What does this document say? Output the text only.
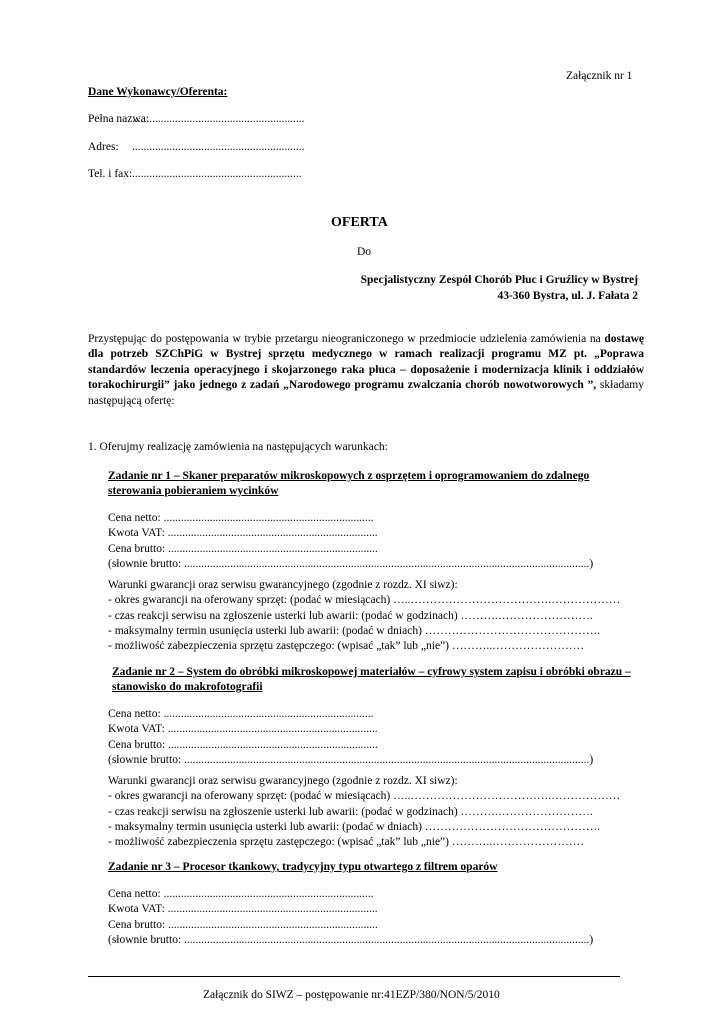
Załącznik nr 1
Dane Wykonawcy/Oferenta:
Pełna nazwa:
............................................................
Adres: ............................................................
Tel. i fax: ...........................................................
OFERTA
Do
Specjalistyczny Zespół Chorób Płuc i Gruźlicy w Bystrej
43-360 Bystra, ul. J. Fałata 2
Przystępując do postępowania w trybie przetargu nieograniczonego w przedmiocie udzielenia zamówienia na dostawę dla potrzeb SZChPiG w Bystrej sprzętu medycznego w ramach realizacji programu MZ pt. „Poprawa standardów leczenia operacyjnego i skojarzonego raka płuca – doposażenie i modernizacja klinik i oddziałów torakochirurgii” jako jednego z zadań „Narodowego programu zwalczania chorób nowotworowych ”, składamy następującą ofertę:
1. Oferujmy realizację zamówienia na następujących warunkach:
Zadanie nr 1 – Skaner preparatów mikroskopowych z osprzętem i oprogramowaniem do zdalnego sterowania pobieraniem wycinków
Cena netto: .........................................................................
Kwota VAT: .........................................................................
Cena brutto: .........................................................................
(słownie brutto: .............................................................................................................................................)
Warunki gwarancji oraz serwisu gwarancyjnego (zgodnie z rozdz. XI siwz):
- okres gwarancji na oferowany sprzęt: (podać w miesiącach) …..……………………………….………………
- czas reakcji serwisu na zgłoszenie usterki lub awarii: (podać w godzinach) ……….…………………….
- maksymalny termin usunięcia usterki lub awarii: (podać w dniach) ……………………………………….
- możliwość zabezpieczenia sprzętu zastępczego: (wpisać „tak” lub „nie”) ………..……………………
Zadanie nr 2 – System do obróbki mikroskopowej materiałów – cyfrowy system zapisu i obróbki obrazu – stanowisko do makrofotografii
Cena netto: .........................................................................
Kwota VAT: .........................................................................
Cena brutto: .........................................................................
(słownie brutto: .............................................................................................................................................)
Warunki gwarancji oraz serwisu gwarancyjnego (zgodnie z rozdz. XI siwz):
- okres gwarancji na oferowany sprzęt: (podać w miesiącach) …..……………………………….………………
- czas reakcji serwisu na zgłoszenie usterki lub awarii: (podać w godzinach) ……….…………………….
- maksymalny termin usunięcia usterki lub awarii: (podać w dniach) ……………………………………….
- możliwość zabezpieczenia sprzętu zastępczego: (wpisać „tak” lub „nie”) ………..……………………
Zadanie nr 3 – Procesor tkankowy, tradycyjny typu otwartego z filtrem oparów
Cena netto: .........................................................................
Kwota VAT: .........................................................................
Cena brutto: .........................................................................
(słownie brutto: .............................................................................................................................................)
Załącznik do SIWZ – postępowanie nr:41EZP/380/NON/5/2010
